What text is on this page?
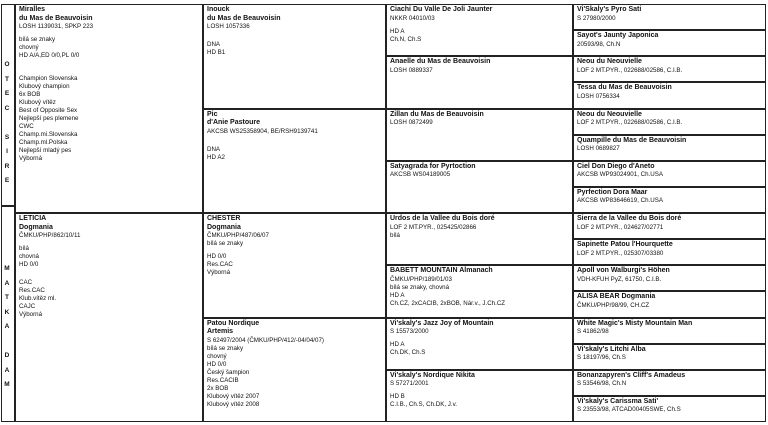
O
T
E
C
S
I
R
E
M
A
T
K
A
D
A
M
Miralles
du Mas de Beauvoisin
LOSH 1139031, SPKP 223

bílá se znaky
chovný
HD A/A,ED 0/0,PL 0/0

Champion Slovenska
Klubový champion
6x BOB
Klubový vítěz
Best of Opposite Sex
Nejlepší pes plemene
CWC
Champ.mi.Slovenska
Champ.ml.Polska
Nejlepší mladý pes
Výborná
LETICIA
Dogmania
ČMKU/PHP/862/10/11

bílá
chovná
HD 0/0

CAC
Res.CAC
Klub.vítěz ml.
CAJC
Výborná
Inouck
du Mas de Beauvoisin
LOSH 1057336

DNA
HD B1
Pic
d'Anie Pastoure
AKCSB WS25358904, BE/RSH9139741

DNA
HD A2
CHESTER
Dogmania
ČMKU/PHP/487/06/07
bílá se znaky

HD 0/0
Res.CAC
Výborná
Patou Nordique
Artemis
S 62497/2004 (ČMKU/PHP/412/-04/04/07)
bílá se znaky
chovný
HD 0/0
Český šampion
Res.CACIB
2x BOB
Klubový vítěz 2007
Klubový vítěz 2008
Ciachi Du Valle De Joli Jaunter
NKKR 04010/03

HD A
Ch.N, Ch.S
Anaelle du Mas de Beauvoisin
LOSH 0889337
Zillan du Mas de Beauvoisin
LOSH 0872499
Satyagrada for Pyrtoction
AKCSB WS04189005
Urdos de la Vallee du Bois doré
LOF 2 MT.PYR., 025425/02866
bílá
BABETT MOUNTAIN Almanach
ČMKU/PHP/189/01/03
bílá se znaky, chovná
HD A
Ch.CZ, 2xCACIB, 2xBOB, Nár.v., J.Ch.CZ
Vi'skaly's Jazz Joy of Mountain
S 15573/2000

HD A
Ch.DK, Ch.S
Vi'skaly's Nordique Nikita
S 57271/2001

HD B
C.I.B., Ch.S, Ch.DK, J.v.
Vi'Skaly's Pyro Sati
S 27980/2000
Sayot's Jaunty Japonica
20593/98, Ch.N
Neou du Neouvielle
LOF 2 MT.PYR., 022688/02586, C.I.B.
Tessa du Mas de Beauvoisin
LOSH 0756334
Neou du Neouvielle
LOF 2 MT.PYR., 022688/02586, C.I.B.
Quampille du Mas de Beauvoisin
LOSH 0689827
Ciel Don Diego d'Aneto
AKCSB WP93024901, Ch.USA
Pyrfection Dora Maar
AKCSB WP83646619, Ch.USA
Sierra de la Vallee du Bois doré
LOF 2 MT.PYR., 024627/02771
Sapinette Patou l'Hourquette
LOF 2 MT.PYR., 025307/03380
Apoll von Walburgi's Höhen
VDH-KFUH PyZ, 61750, C.I.B.
ALISA BEAR Dogmania
ČMKU/PHP/98/99, CH.CZ
White Magic's Misty Mountain Man
S 41862/98
Vi'skaly's Litchi Alba
S 18197/96, Ch.S
Bonanzapyren's Cliff's Amadeus
S 53546/98, Ch.N
Vi'skaly's Carissma Sati'
S 23553/98, ATCAD00405SWE, Ch.S
